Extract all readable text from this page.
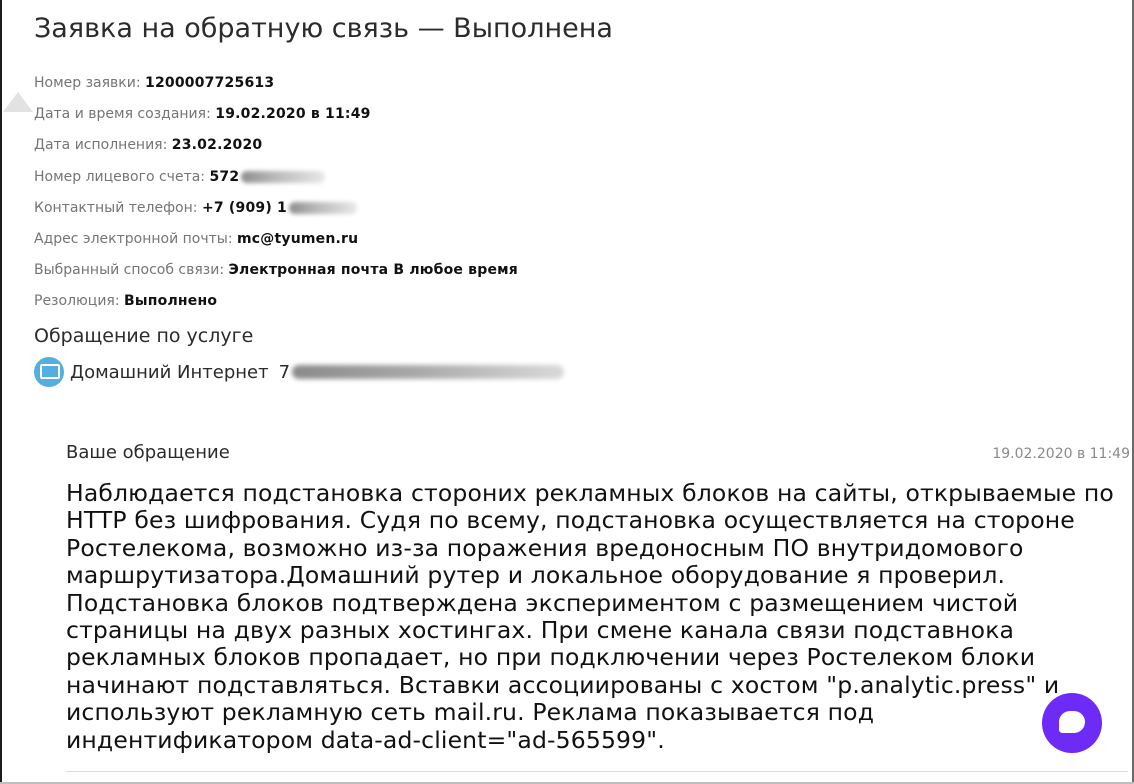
Заявка на обратную связь — Выполнена
Номер заявки: 1200007725613
Дата и время создания: 19.02.2020 в 11:49
Дата исполнения: 23.02.2020
Номер лицевого счета: 572
Контактный телефон: +7 (909) 1
Адрес электронной почты: mc@tyumen.ru
Выбранный способ связи: Электронная почта В любое время
Резолюция: Выполнено
Обращение по услуге
Домашний Интернет 7
Ваше обращение	19.02.2020 в 11:49
Наблюдается подстановка сторониx рекламных блоков на сайты, открываемые по HTTP без шифрования. Судя по всему, подстановка осуществляется на стороне Ростелекома, возможно из-за поражения вредоносным ПО внутридомового маршрутизатора.Домашний рутер и локальное оборудование я проверил. Подстановка блоков подтверждена экспериментом с размещением чистой страницы на двух разных хостингах. При смене канала связи подставнока рекламных блоков пропадает, но при подключении через Ростелеком блоки начинают подставляться. Вставки ассоциированы с хостом "p.analytic.press" и используют рекламную сеть mail.ru. Реклама показывается под индентификатором data-ad-client="ad-565599".
